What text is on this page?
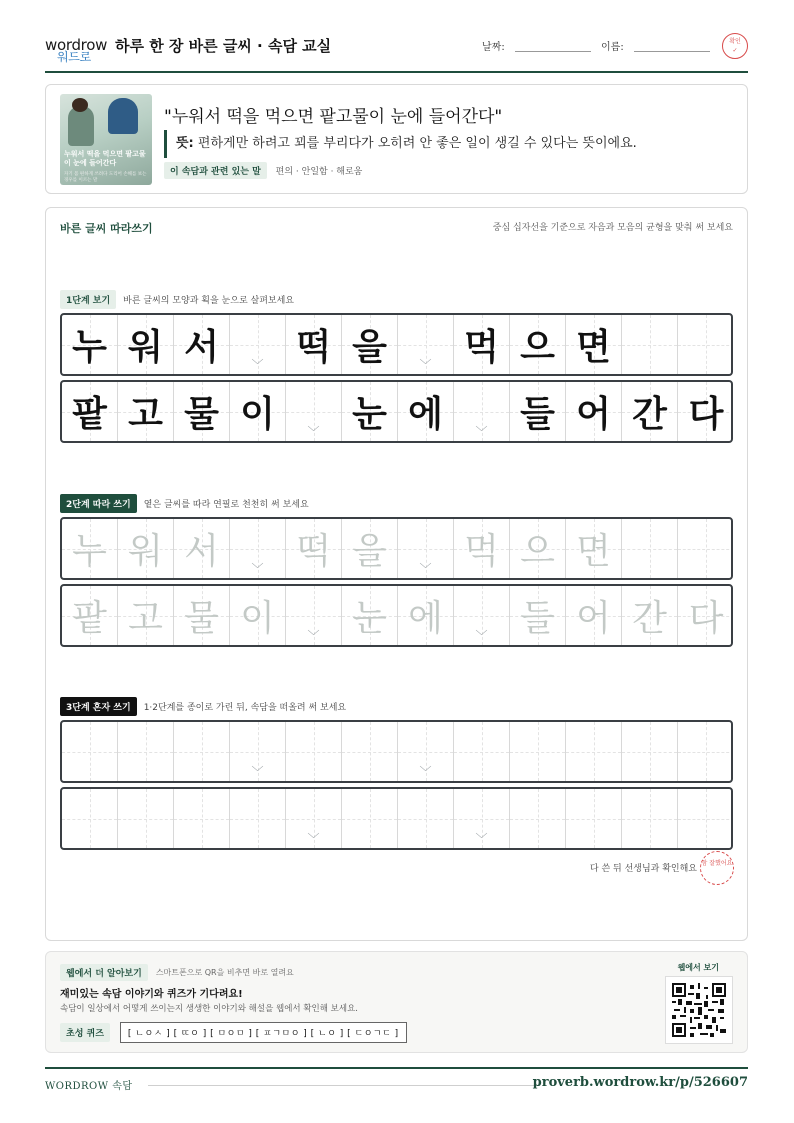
wordrow
워드로
하루 한 장 바른 글씨 · 속담 교실	날짜:	이름:
확인
✓
누워서 떡을 먹으면 팥고물이 눈에 들어간다
자기 몸 편하게 쓰려다 도리어 손해를 보는 경우를 이르는 말
"누워서 떡을 먹으면 팥고물이 눈에 들어간다"
뜻: 편하게만 하려고 꾀를 부리다가 오히려 안 좋은 일이 생길 수 있다는 뜻이에요.
이 속담과 관련 있는 말 편의 · 안일함 · 해로움
바른 글씨 따라쓰기	중심 십자선을 기준으로 자음과 모음의 균형을 맞춰 써 보세요
1단계 보기	바른 글씨의 모양과 획을 눈으로 살펴보세요
누 워 서	﹀ 떡 을	﹀ 먹 으 면
팥 고 물 이	﹀ 눈 에	﹀ 들 어 간 다
2단계 따라 쓰기	옅은 글씨를 따라 연필로 천천히 써 보세요
누 워 서	﹀ 떡 을	﹀ 먹 으 면
팥 고 물 이	﹀ 눈 에	﹀ 들 어 간 다
3단계 혼자 쓰기	1·2단계를 종이로 가린 뒤, 속담을 떠올려 써 보세요
﹀	﹀
﹀	﹀
다 쓴 뒤 선생님과 확인해요
참 잘했어요
웹에서 더 알아보기	스마트폰으로 QR을 비추면 바로 열려요
재미있는 속담 이야기와 퀴즈가 기다려요!
속담이 일상에서 어떻게 쓰이는지 생생한 이야기와 해설을 웹에서 확인해 보세요.
초성 퀴즈	[ ㄴㅇㅅ ] [ ㄸㅇ ] [ ㅁㅇㅁ ] [ ㅍㄱㅁㅇ ] [ ㄴㅇ ] [ ㄷㅇㄱㄷ ]
웹에서 보기
WORDROW 속담	proverb.wordrow.kr/p/526607
